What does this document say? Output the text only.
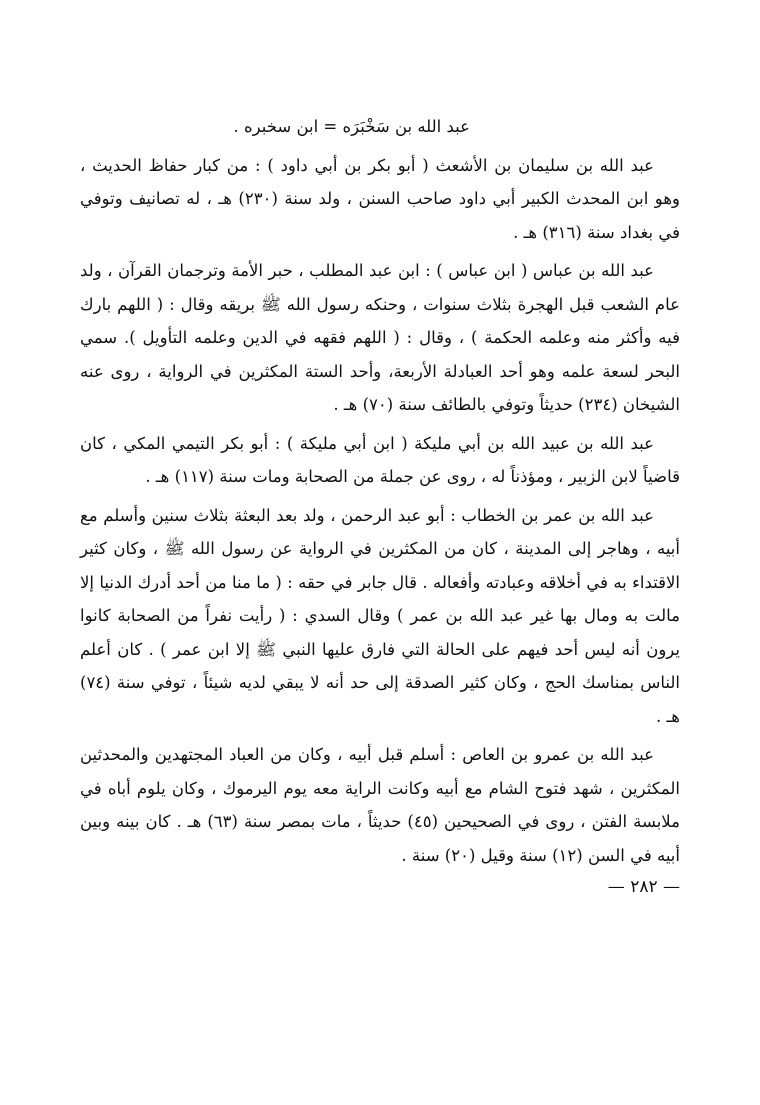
عبد الله بن سَخْبَرَه = ابن سخبره .

عبد الله بن سليمان بن الأشعث ( أبو بكر بن أبي داود ) : من كبار حفاظ الحديث ، وهو ابن المحدث الكبير أبي داود صاحب السنن ، ولد سنة (٢٣٠) هـ ، له تصانيف وتوفي في بغداد سنة (٣١٦) هـ .

عبد الله بن عباس ( ابن عباس ) : ابن عبد المطلب ، حبر الأمة وترجمان القرآن ، ولد عام الشعب قبل الهجرة بثلاث سنوات ، وحنكه رسول الله ﷺ بريقه وقال : ( اللهم بارك فيه وأكثر منه وعلمه الحكمة ) ، وقال : ( اللهم فقهه في الدين وعلمه التأويل ). سمي البحر لسعة علمه وهو أحد العبادلة الأربعة، وأحد الستة المكثرين في الرواية ، روى عنه الشيخان (٢٣٤) حديثاً وتوفي بالطائف سنة (٧٠) هـ .

عبد الله بن عبيد الله بن أبي مليكة ( ابن أبي مليكة ) : أبو بكر التيمي المكي ، كان قاضياً لابن الزبير ، ومؤذناً له ، روى عن جملة من الصحابة ومات سنة (١١٧) هـ .

عبد الله بن عمر بن الخطاب : أبو عبد الرحمن ، ولد بعد البعثة بثلاث سنين وأسلم مع أبيه ، وهاجر إلى المدينة ، كان من المكثرين في الرواية عن رسول الله ﷺ ، وكان كثير الاقتداء به في أخلاقه وعبادته وأفعاله . قال جابر في حقه : ( ما منا من أحد أدرك الدنيا إلا مالت به ومال بها غير عبد الله بن عمر ) وقال السدي : ( رأيت نفراً من الصحابة كانوا يرون أنه ليس أحد فيهم على الحالة التي فارق عليها النبي ﷺ إلا ابن عمر ) . كان أعلم الناس بمناسك الحج ، وكان كثير الصدقة إلى حد أنه لا يبقي لديه شيئاً ، توفي سنة (٧٤) هـ .

عبد الله بن عمرو بن العاص : أسلم قبل أبيه ، وكان من العباد المجتهدين والمحدثين المكثرين ، شهد فتوح الشام مع أبيه وكانت الراية معه يوم اليرموك ، وكان يلوم أباه في ملابسة الفتن ، روى في الصحيحين (٤٥) حديثاً ، مات بمصر سنة (٦٣) هـ . كان بينه وبين أبيه في السن (١٢) سنة وقيل (٢٠) سنة .

— ٢٨٢ —
